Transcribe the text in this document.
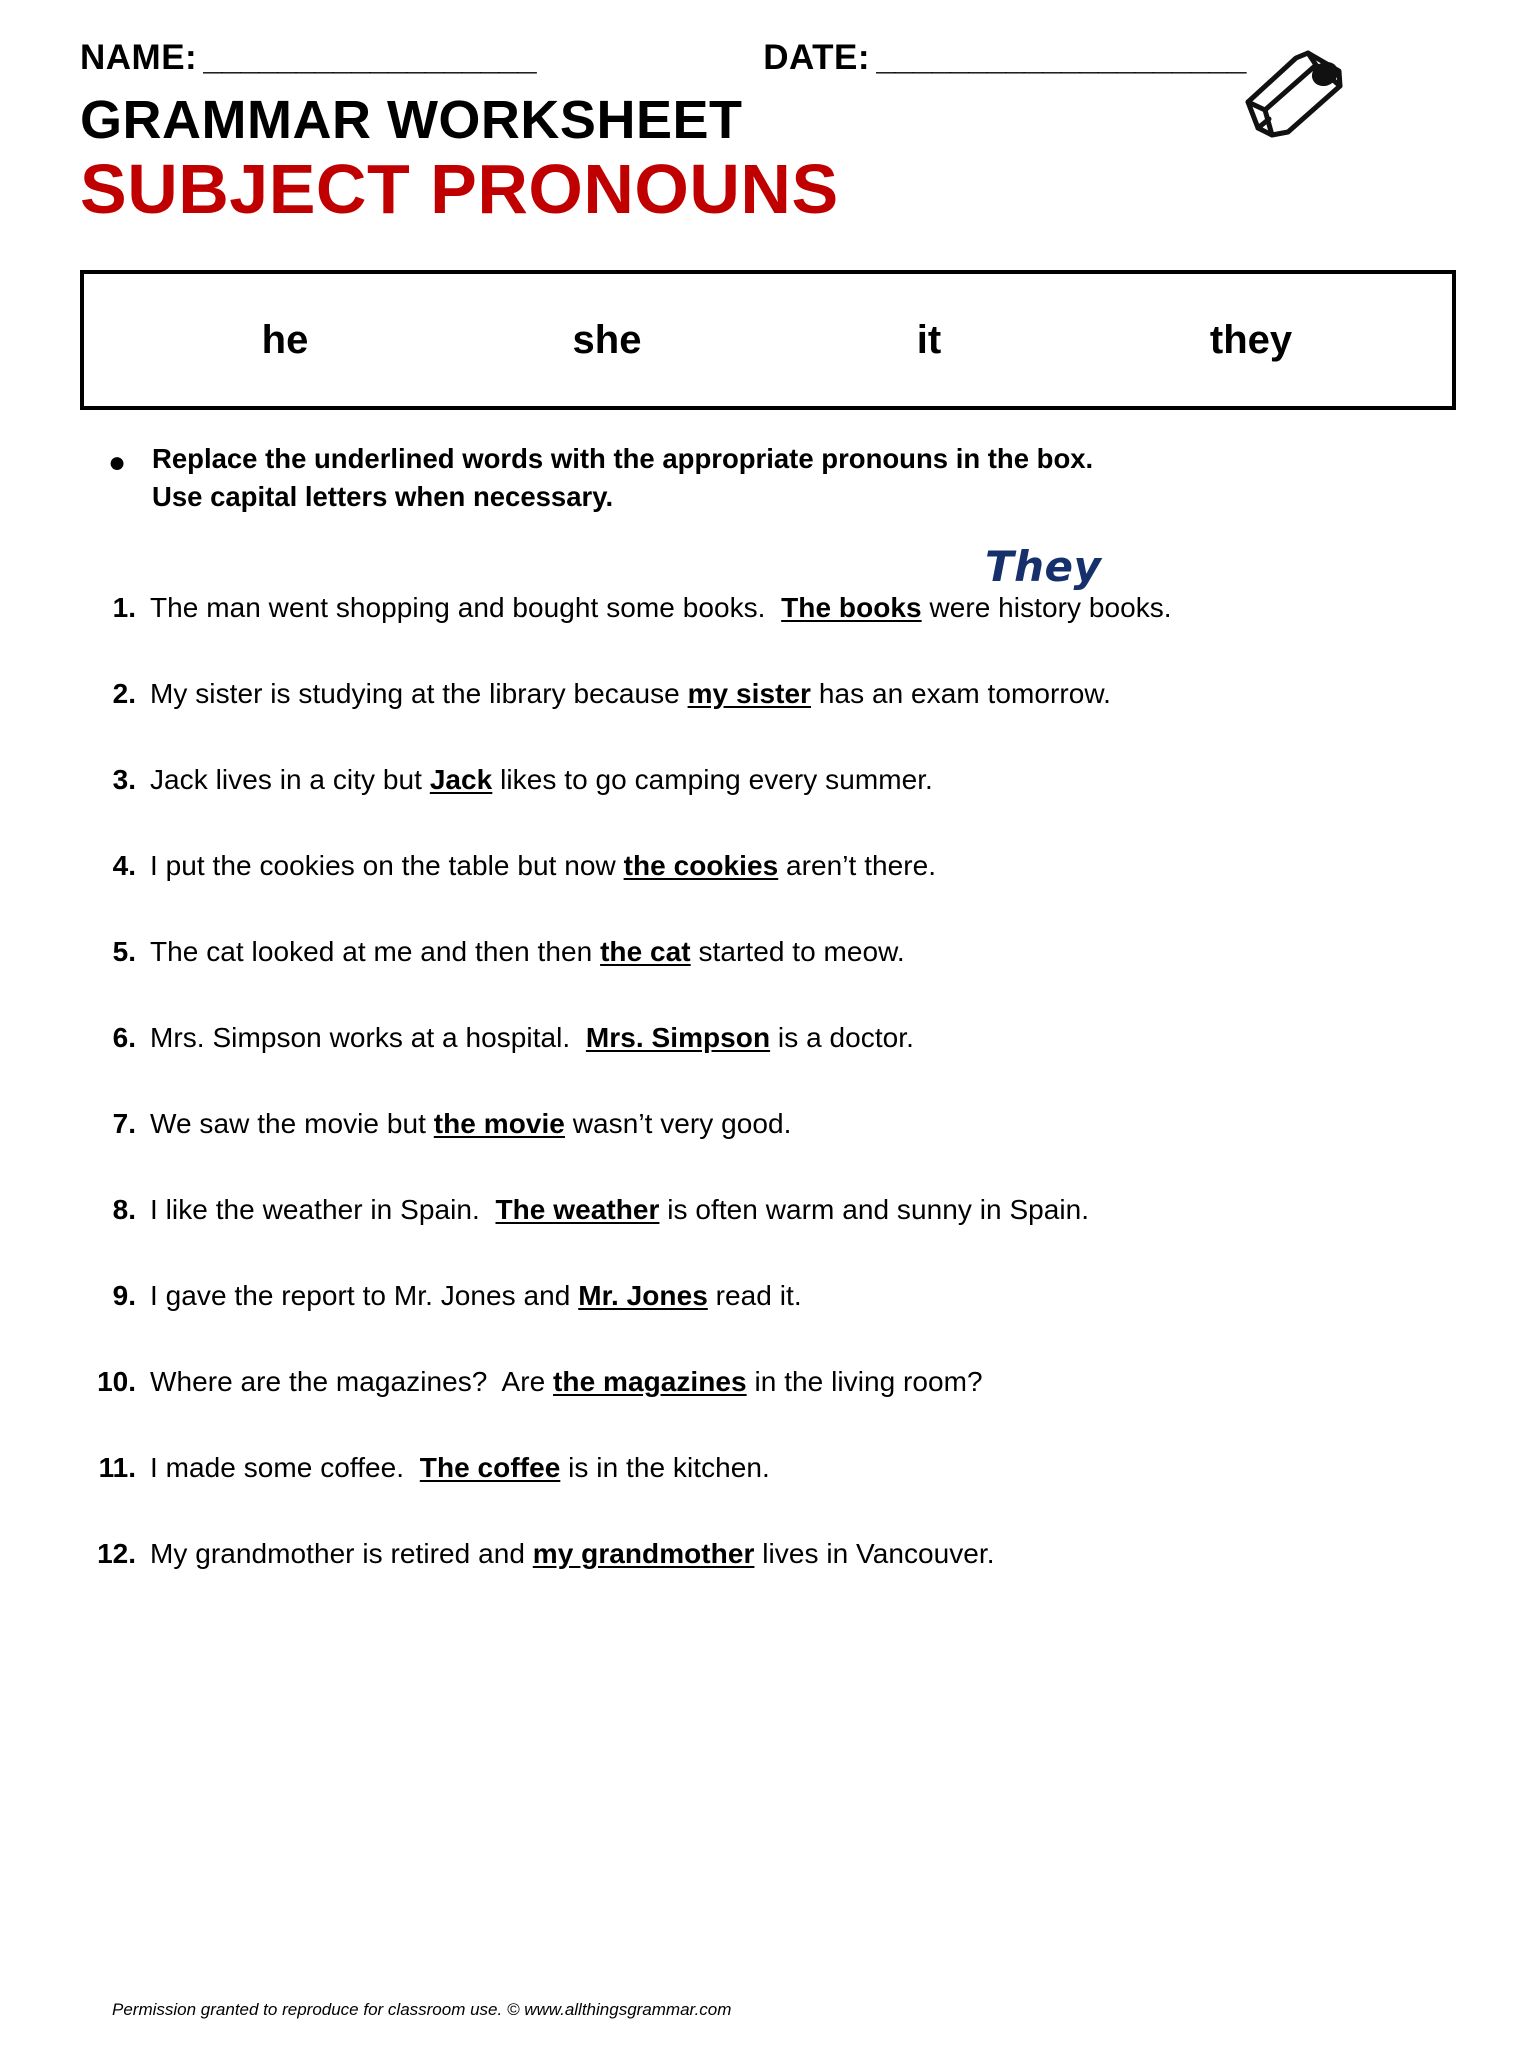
NAME: __________________	DATE: ____________________
GRAMMAR WORKSHEET
SUBJECT PRONOUNS
he	she	it	they
● Replace the underlined words with the appropriate pronouns in the box.
Use capital letters when necessary.
They
1. The man went shopping and bought some books.  The books were history books.
2. My sister is studying at the library because my sister has an exam tomorrow.
3. Jack lives in a city but Jack likes to go camping every summer.
4. I put the cookies on the table but now the cookies aren’t there.
5. The cat looked at me and then then the cat started to meow.
6. Mrs. Simpson works at a hospital.  Mrs. Simpson is a doctor.
7. We saw the movie but the movie wasn’t very good.
8. I like the weather in Spain.  The weather is often warm and sunny in Spain.
9. I gave the report to Mr. Jones and Mr. Jones read it.
10. Where are the magazines?  Are the magazines in the living room?
11. I made some coffee.  The coffee is in the kitchen.
12. My grandmother is retired and my grandmother lives in Vancouver.
Permission granted to reproduce for classroom use. © www.allthingsgrammar.com
